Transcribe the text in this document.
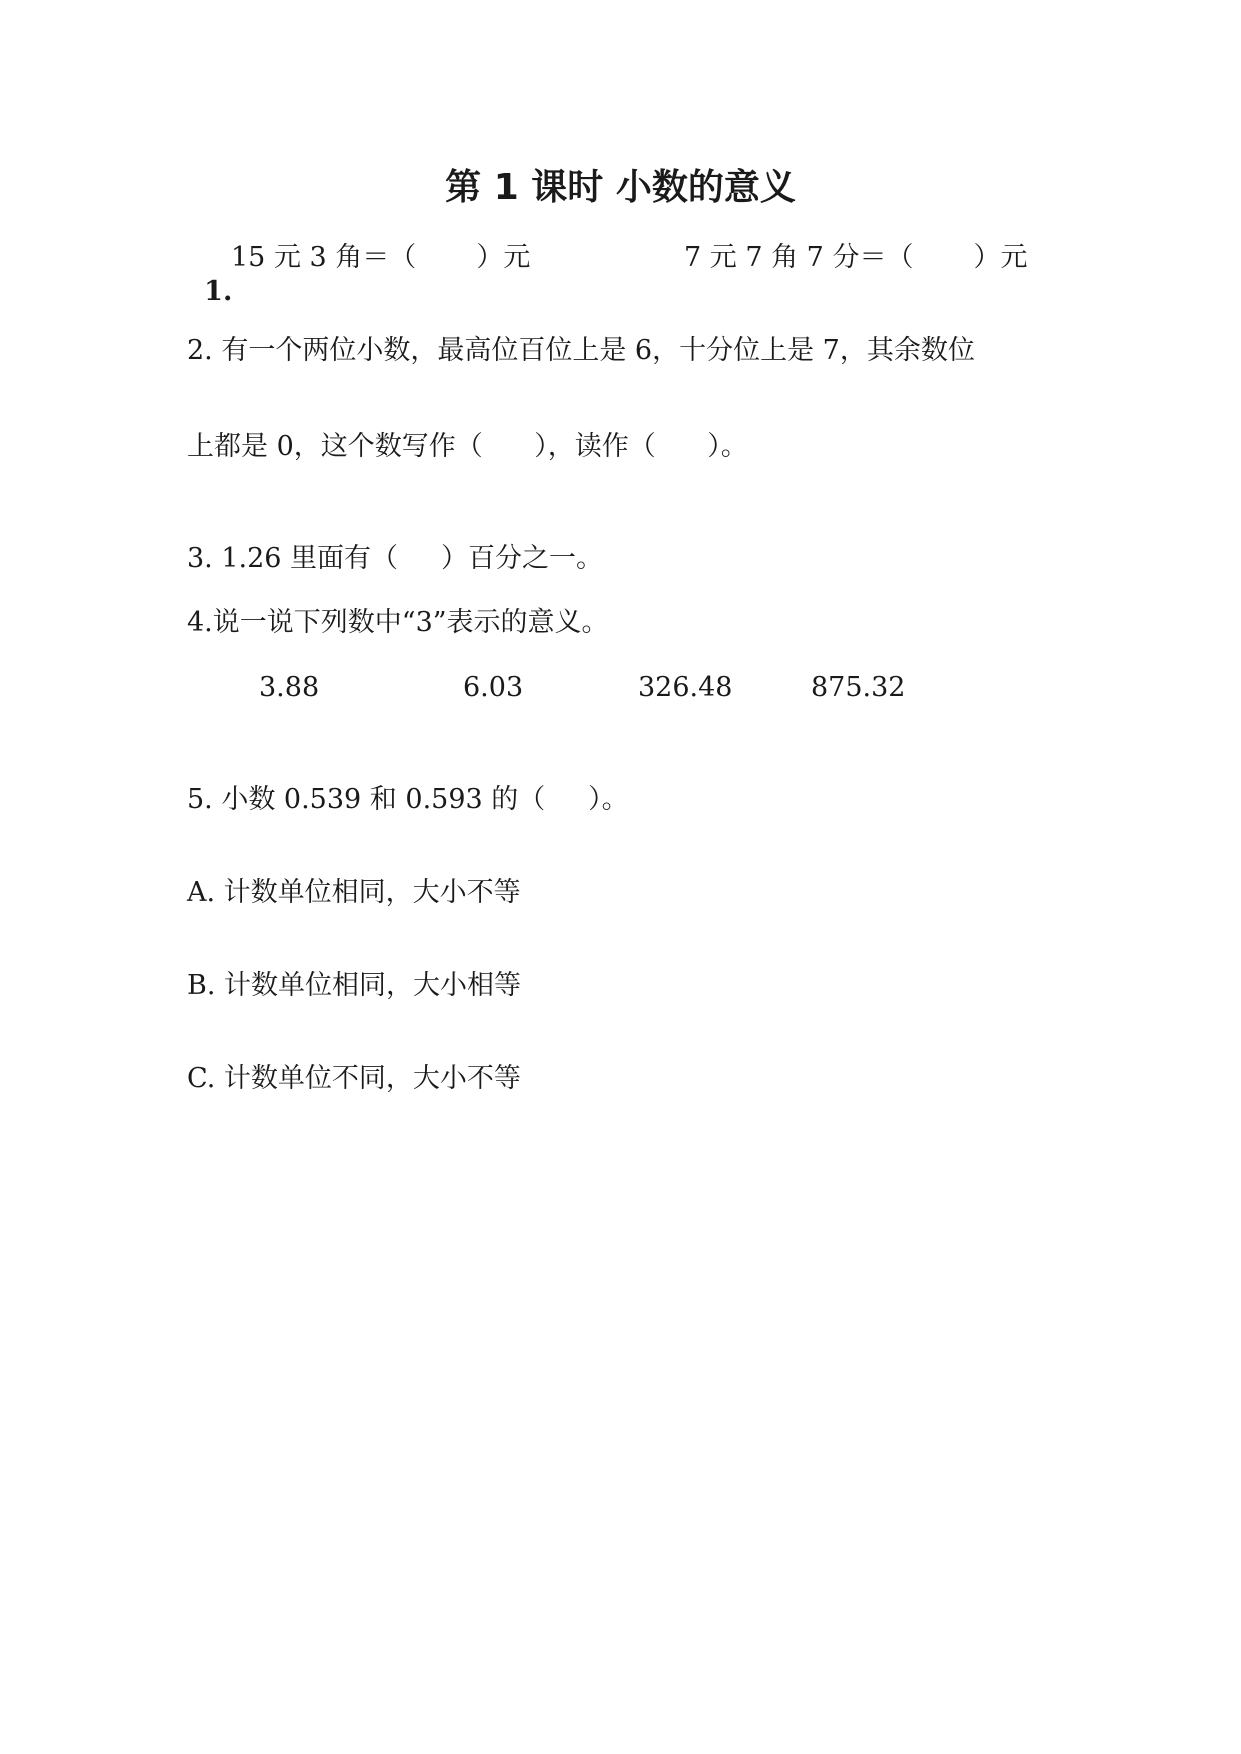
第 1 课时 小数的意义

1.

15 元 3 角＝（       ）元	7 元 7 角 7 分＝（       ）元
2. 有一个两位小数，最高位百位上是 6，十分位上是 7，其余数位
上都是 0，这个数写作（      ），读作（      ）。
3. 1.26 里面有（     ）百分之一。
4.说一说下列数中“3”表示的意义。
3.88	6.03	326.48	875.32
5. 小数 0.539 和 0.593 的（     ）。
A. 计数单位相同，大小不等
B. 计数单位相同，大小相等
C. 计数单位不同，大小不等
